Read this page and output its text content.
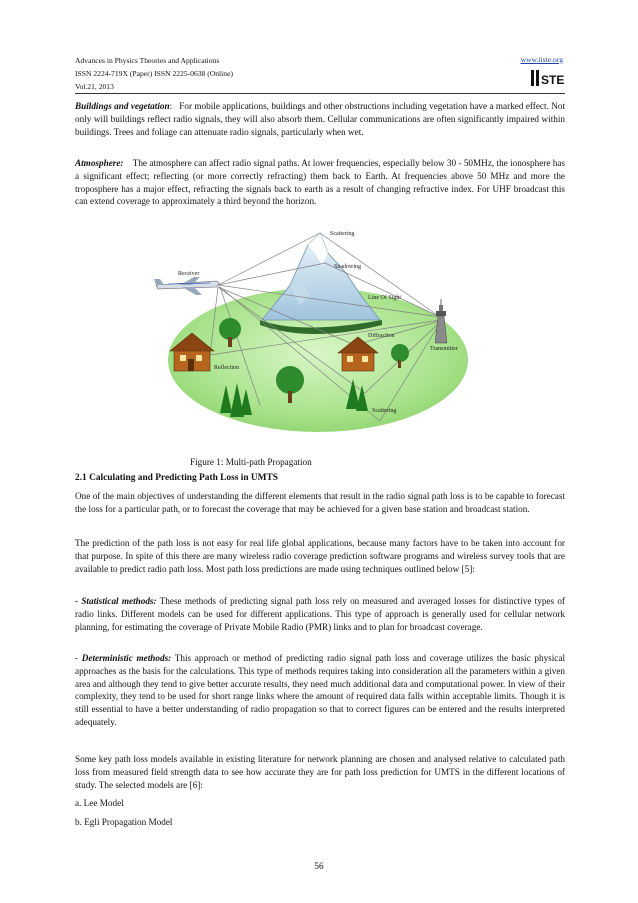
Advances in Physics Theories and Applications	www.iiste.org
ISSN 2224-719X (Paper) ISSN 2225-0638 (Online)
Vol.21, 2013	STE
Buildings and vegetation: For mobile applications, buildings and other obstructions including vegetation have a marked effect. Not only will buildings reflect radio signals, they will also absorb them. Cellular communications are often significantly impaired within buildings. Trees and foliage can attenuate radio signals, particularly when wet.
Atmosphere: The atmosphere can affect radio signal paths. At lower frequencies, especially below 30 - 50MHz, the ionosphere has a significant effect; reflecting (or more correctly refracting) them back to Earth. At frequencies above 50 MHz and more the troposphere has a major effect, refracting the signals back to earth as a result of changing refractive index. For UHF broadcast this can extend coverage to approximately a third beyond the horizon.
Scattering
Shadowing
Receiver
Line Of Sight
Diffraction
Transmitter
Reflection
Scattering
Figure 1: Multi-path Propagation
2.1 Calculating and Predicting Path Loss in UMTS
One of the main objectives of understanding the different elements that result in the radio signal path loss is to be capable to forecast the loss for a particular path, or to forecast the coverage that may be achieved for a given base station and broadcast station.
The prediction of the path loss is not easy for real life global applications, because many factors have to be taken into account for that purpose. In spite of this there are many wireless radio coverage prediction software programs and wireless survey tools that are available to predict radio path loss. Most path loss predictions are made using techniques outlined below [5]:
- Statistical methods: These methods of predicting signal path loss rely on measured and averaged losses for distinctive types of radio links. Different models can be used for different applications. This type of approach is generally used for cellular network planning, for estimating the coverage of Private Mobile Radio (PMR) links and to plan for broadcast coverage.
- Deterministic methods: This approach or method of predicting radio signal path loss and coverage utilizes the basic physical approaches as the basis for the calculations. This type of methods requires taking into consideration all the parameters within a given area and although they tend to give better accurate results, they need much additional data and computational power. In view of their complexity, they tend to be used for short range links where the amount of required data falls within acceptable limits. Though it is still essential to have a better understanding of radio propagation so that to correct figures can be entered and the results interpreted adequately.
Some key path loss models available in existing literature for network planning are chosen and analysed relative to calculated path loss from measured field strength data to see how accurate they are for path loss prediction for UMTS in the different locations of study. The selected models are [6]:
a. Lee Model
b. Egli Propagation Model
56
